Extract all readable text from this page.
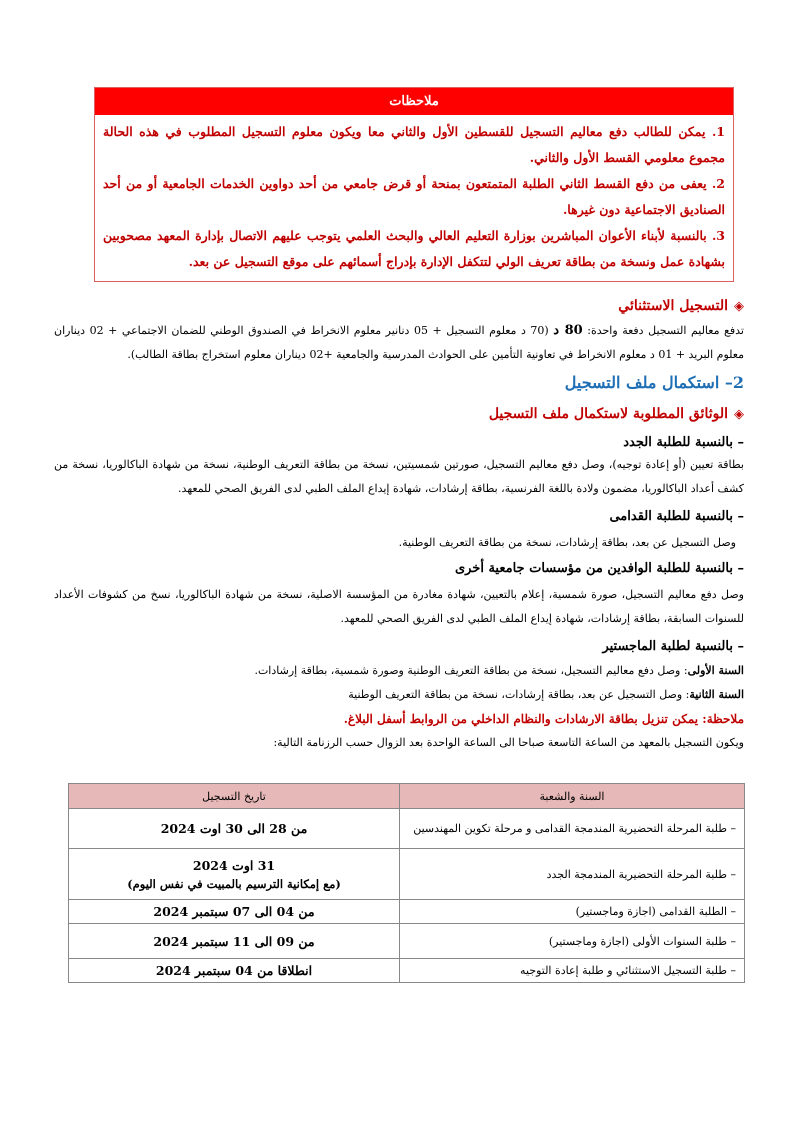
ملاحظات

1. يمكن للطالب دفع معاليم التسجيل للقسطين الأول والثاني معا ويكون معلوم التسجيل المطلوب في هذه الحالة مجموع معلومي القسط الأول والثاني.

2. يعفى من دفع القسط الثاني الطلبة المتمتعون بمنحة أو قرض جامعي من أحد دواوين الخدمات الجامعية أو من أحد الصناديق الاجتماعية دون غيرها.

3. بالنسبة لأبناء الأعوان المباشرين بوزارة التعليم العالي والبحث العلمي يتوجب عليهم الاتصال بإدارة المعهد مصحوبين بشهادة عمل ونسخة من بطاقة تعريف الولي لتتكفل الإدارة بإدراج أسمائهم على موقع التسجيل عن بعد.

◈التسجيل الاستثنائي
تدفع معاليم التسجيل دفعة واحدة: 80 د (70 د معلوم التسجيل + 05 دنانير معلوم الانخراط في الصندوق الوطني للضمان الاجتماعي + 02 ديناران معلوم البريد + 01 د معلوم الانخراط في تعاونية التأمين على الحوادث المدرسية والجامعية +02 ديناران معلوم استخراج بطاقة الطالب).
2– استكمال ملف التسجيل
◈الوثائق المطلوبة لاستكمال ملف التسجيل
– بالنسبة للطلبة الجدد
بطاقة تعيين (أو إعادة توجيه)، وصل دفع معاليم التسجيل، صورتين شمسيتين، نسخة من بطاقة التعريف الوطنية، نسخة من شهادة الباكالوريا، نسخة من كشف أعداد الباكالوريا، مضمون ولادة باللغة الفرنسية، بطاقة إرشادات، شهادة إيداع الملف الطبي لدى الفريق الصحي للمعهد.
– بالنسبة للطلبة القدامى
وصل التسجيل عن بعد، بطاقة إرشادات، نسخة من بطاقة التعريف الوطنية.
– بالنسبة للطلبة الوافدين من مؤسسات جامعية أخرى
وصل دفع معاليم التسجيل، صورة شمسية، إعلام بالتعيين، شهادة مغادرة من المؤسسة الاصلية، نسخة من شهادة الباكالوريا، نسخ من كشوفات الأعداد للسنوات السابقة، بطاقة إرشادات، شهادة إيداع الملف الطبي لدى الفريق الصحي للمعهد.
– بالنسبة لطلبة الماجستير
السنة الأولى: وصل دفع معاليم التسجيل، نسخة من بطاقة التعريف الوطنية وصورة شمسية، بطاقة إرشادات.
السنة الثانية: وصل التسجيل عن بعد، بطاقة إرشادات، نسخة من بطاقة التعريف الوطنية
ملاحظة: يمكن تنزيل بطاقة الارشادات والنظام الداخلي من الروابط أسفل البلاغ.
ويكون التسجيل بالمعهد من الساعة التاسعة صباحا الى الساعة الواحدة بعد الزوال حسب الرزنامة التالية:
السنة والشعبة	تاريخ التسجيل
– طلبة المرحلة التحضيرية المندمجة القدامى و مرحلة تكوين المهندسين	من 28 الى 30 اوت 2024
– طلبة المرحلة التحضيرية المندمجة الجدد	31 اوت 2024
(مع إمكانية الترسيم بالمبيت في نفس اليوم)

– الطلبة القدامى (اجازة وماجستير)	من 04 الى 07 سبتمبر 2024
– طلبة السنوات الأولى (اجازة وماجستير)	من 09 الى 11 سبتمبر 2024
– طلبة التسجيل الاستثنائي و طلبة إعادة التوجيه	انطلاقا من 04 سبتمبر 2024
